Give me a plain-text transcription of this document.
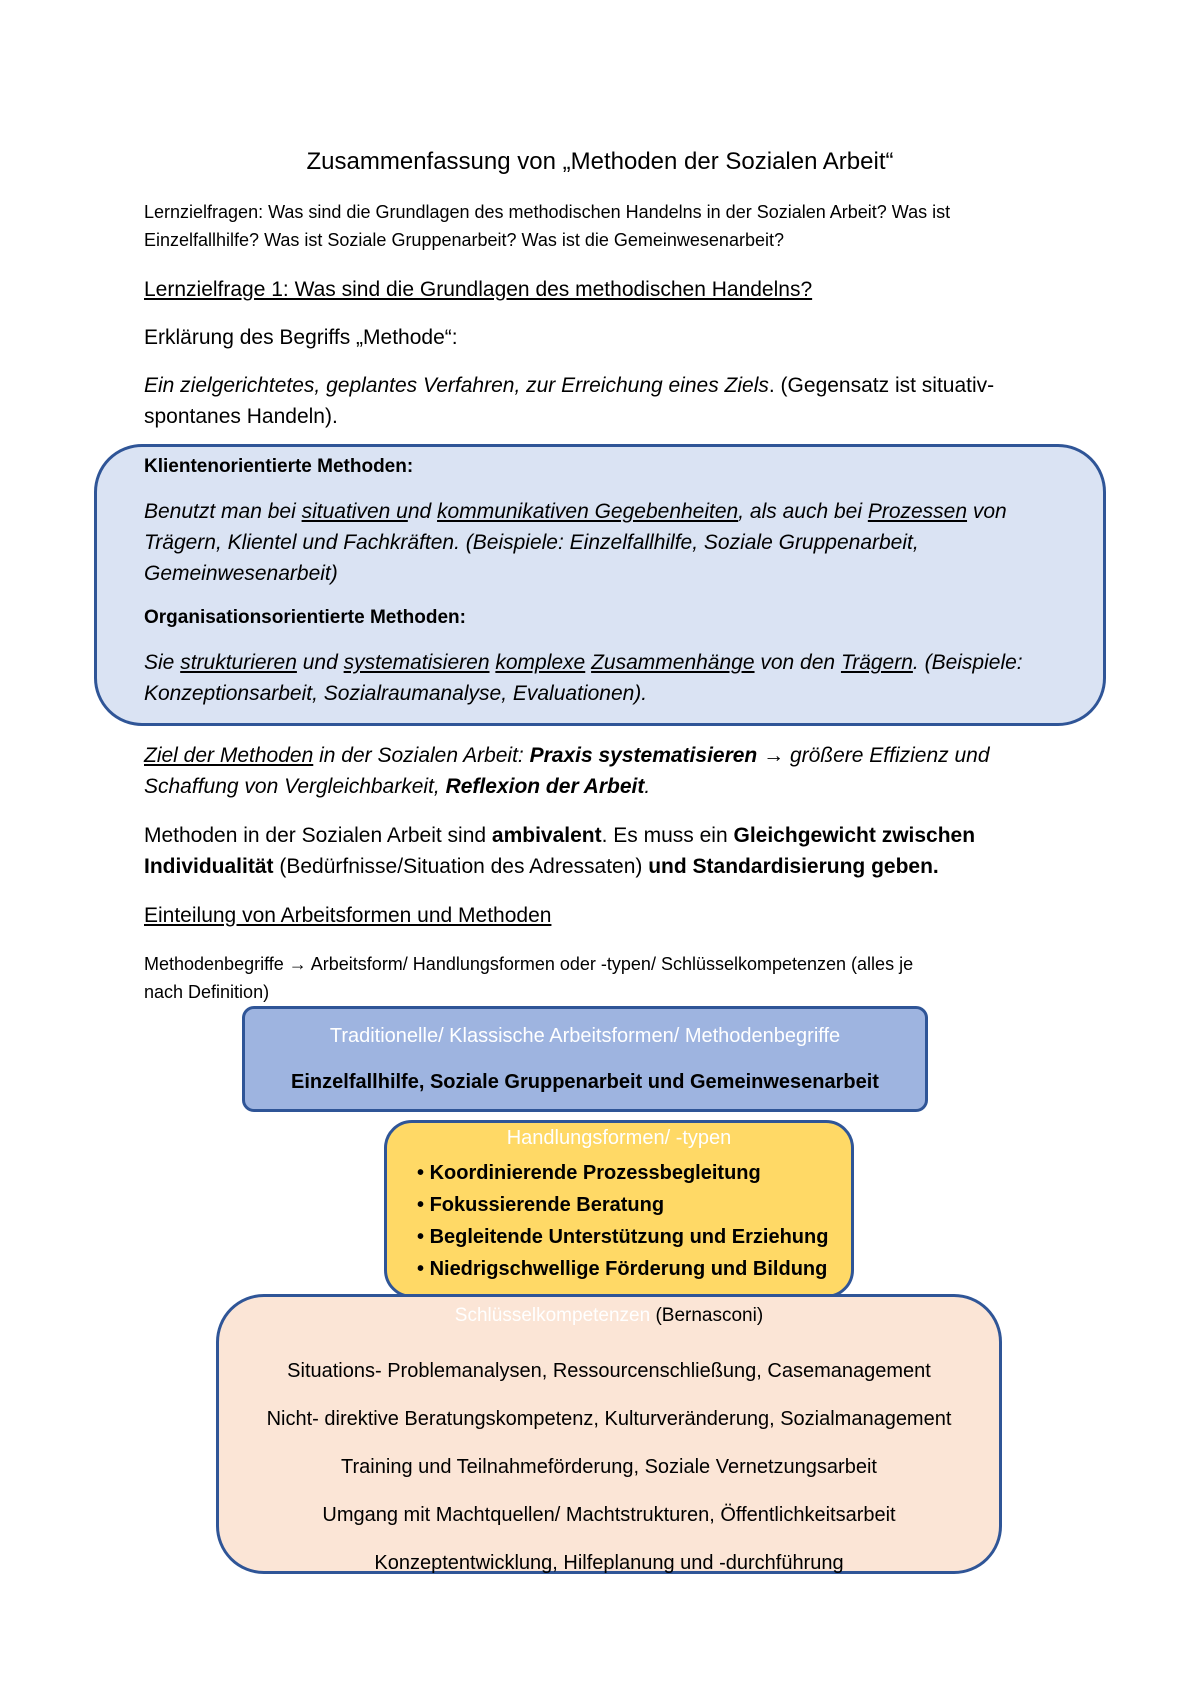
Zusammenfassung von „Methoden der Sozialen Arbeit“
Lernzielfragen: Was sind die Grundlagen des methodischen Handelns in der Sozialen Arbeit? Was ist
Einzelfallhilfe? Was ist Soziale Gruppenarbeit? Was ist die Gemeinwesenarbeit?
Lernzielfrage 1: Was sind die Grundlagen des methodischen Handelns?
Erklärung des Begriffs „Methode“:
Ein zielgerichtetes, geplantes Verfahren, zur Erreichung eines Ziels. (Gegensatz ist situativ-
spontanes Handeln).
Klientenorientierte Methoden:
Benutzt man bei situativen und kommunikativen Gegebenheiten, als auch bei Prozessen von
Trägern, Klientel und Fachkräften. (Beispiele: Einzelfallhilfe, Soziale Gruppenarbeit,
Gemeinwesenarbeit)
Organisationsorientierte Methoden:
Sie strukturieren und systematisieren komplexe Zusammenhänge von den Trägern. (Beispiele:
Konzeptionsarbeit, Sozialraumanalyse, Evaluationen).
Ziel der Methoden in der Sozialen Arbeit: Praxis systematisieren → größere Effizienz und
Schaffung von Vergleichbarkeit, Reflexion der Arbeit.
Methoden in der Sozialen Arbeit sind ambivalent. Es muss ein Gleichgewicht zwischen
Individualität (Bedürfnisse/Situation des Adressaten) und Standardisierung geben.
Einteilung von Arbeitsformen und Methoden
Methodenbegriffe → Arbeitsform/ Handlungsformen oder -typen/ Schlüsselkompetenzen (alles je
nach Definition)
Traditionelle/ Klassische Arbeitsformen/ Methodenbegriffe
Einzelfallhilfe, Soziale Gruppenarbeit und Gemeinwesenarbeit
Handlungsformen/ -typen
• Koordinierende Prozessbegleitung
• Fokussierende Beratung
• Begleitende Unterstützung und Erziehung
• Niedrigschwellige Förderung und Bildung
Schlüsselkompetenzen (Bernasconi)
Situations- Problemanalysen, Ressourcenschließung, Casemanagement
Nicht- direktive Beratungskompetenz, Kulturveränderung, Sozialmanagement
Training und Teilnahmeförderung, Soziale Vernetzungsarbeit
Umgang mit Machtquellen/ Machtstrukturen, Öffentlichkeitsarbeit
Konzeptentwicklung, Hilfeplanung und -durchführung
